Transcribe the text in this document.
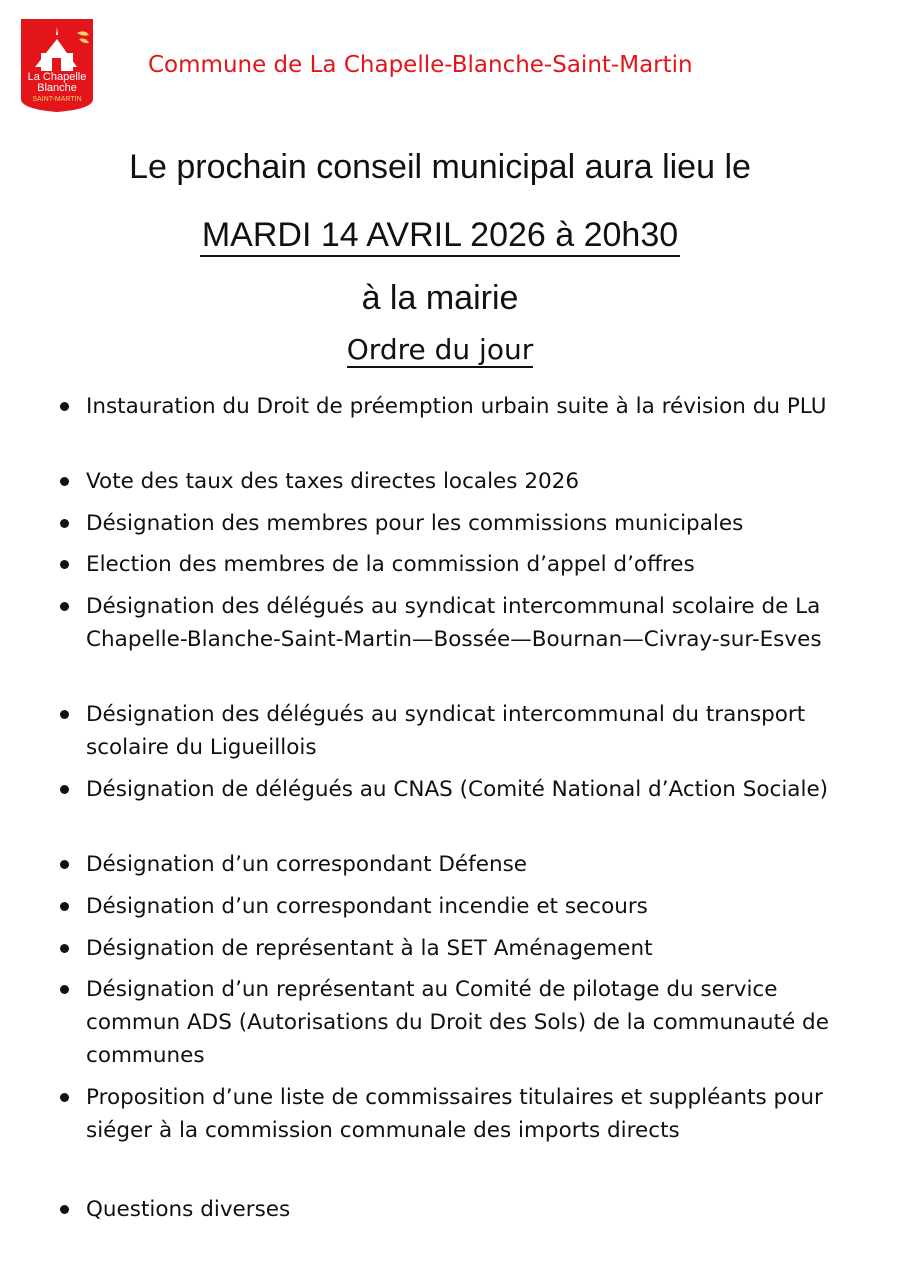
La Chapelle
Blanche
SAINT-MARTIN
Commune de La Chapelle-Blanche-Saint-Martin
Le prochain conseil municipal aura lieu le
MARDI 14 AVRIL 2026 à 20h30
à la mairie
Ordre du jour
Instauration du Droit de préemption urbain suite à la révision du PLU
Vote des taux des taxes directes locales 2026
Désignation des membres pour les commissions municipales
Election des membres de la commission d’appel d’offres
Désignation des délégués au syndicat intercommunal scolaire de La Chapelle-Blanche-Saint-Martin—Bossée—Bournan—Civray-sur-Esves
Désignation des délégués au syndicat intercommunal du transport scolaire du Ligueillois
Désignation de délégués au CNAS (Comité National d’Action Sociale)
Désignation d’un correspondant Défense
Désignation d’un correspondant incendie et secours
Désignation de représentant à la SET Aménagement
Désignation d’un représentant au Comité de pilotage du service commun ADS (Autorisations du Droit des Sols) de la communauté de communes
Proposition d’une liste de commissaires titulaires et suppléants pour siéger à la commission communale des imports directs
Questions diverses
